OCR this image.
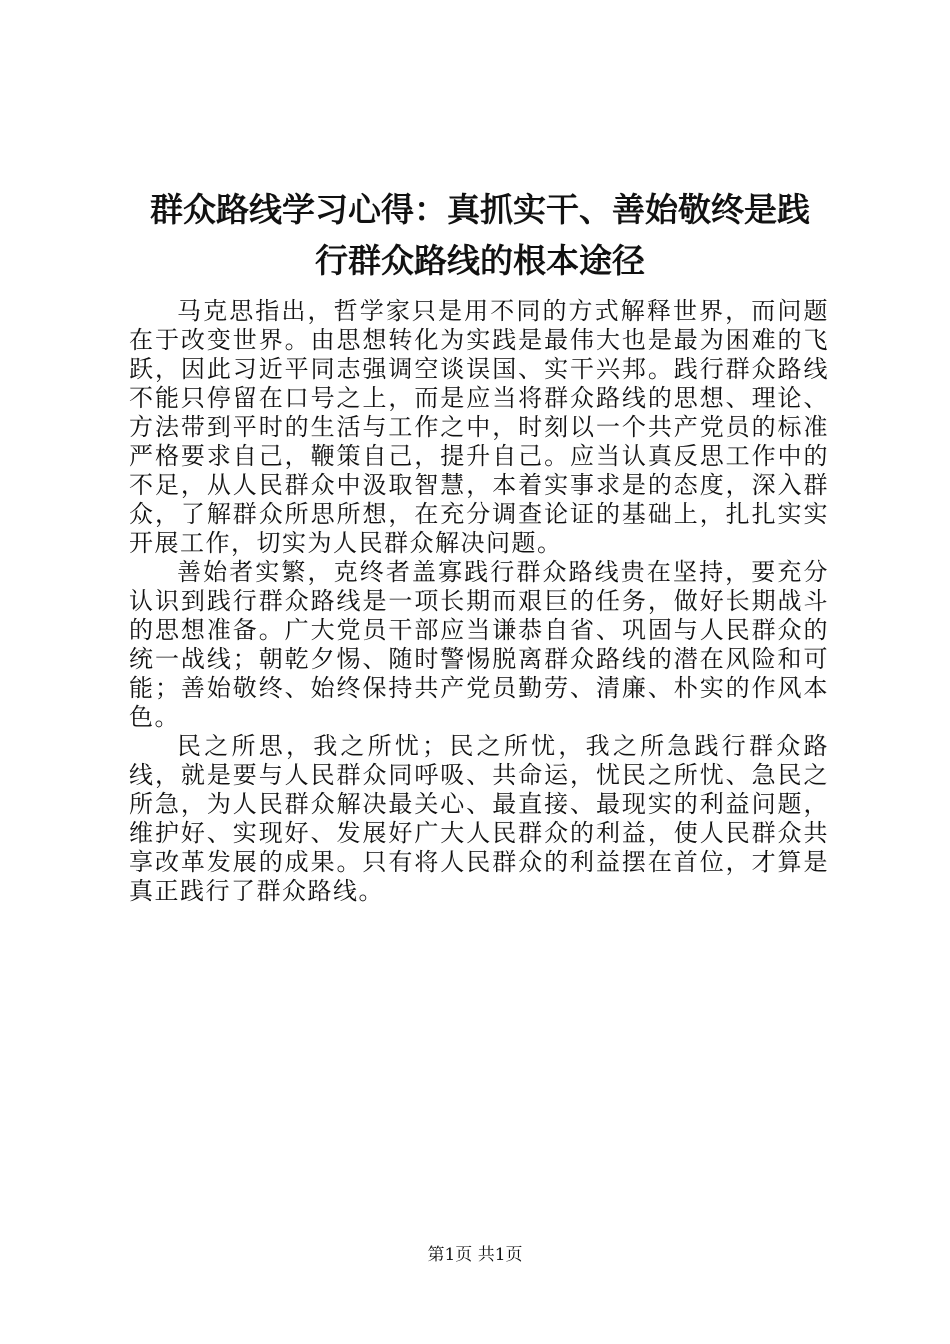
群众路线学习心得：真抓实干、善始敬终是践
行群众路线的根本途径

马克思指出，哲学家只是用不同的方式解释世界，而问题在于改变世界。由思想转化为实践是最伟大也是最为困难的飞跃，因此习近平同志强调空谈误国、实干兴邦。践行群众路线不能只停留在口号之上，而是应当将群众路线的思想、理论、方法带到平时的生活与工作之中，时刻以一个共产党员的标准严格要求自己，鞭策自己，提升自己。应当认真反思工作中的不足，从人民群众中汲取智慧，本着实事求是的态度，深入群众，了解群众所思所想，在充分调查论证的基础上，扎扎实实开展工作，切实为人民群众解决问题。

善始者实繁，克终者盖寡践行群众路线贵在坚持，要充分认识到践行群众路线是一项长期而艰巨的任务，做好长期战斗的思想准备。广大党员干部应当谦恭自省、巩固与人民群众的统一战线；朝乾夕惕、随时警惕脱离群众路线的潜在风险和可能；善始敬终、始终保持共产党员勤劳、清廉、朴实的作风本色。

民之所思，我之所忧；民之所忧，我之所急践行群众路线，就是要与人民群众同呼吸、共命运，忧民之所忧、急民之所急，为人民群众解决最关心、最直接、最现实的利益问题，维护好、实现好、发展好广大人民群众的利益，使人民群众共享改革发展的成果。只有将人民群众的利益摆在首位，才算是真正践行了群众路线。

第1页 共1页
